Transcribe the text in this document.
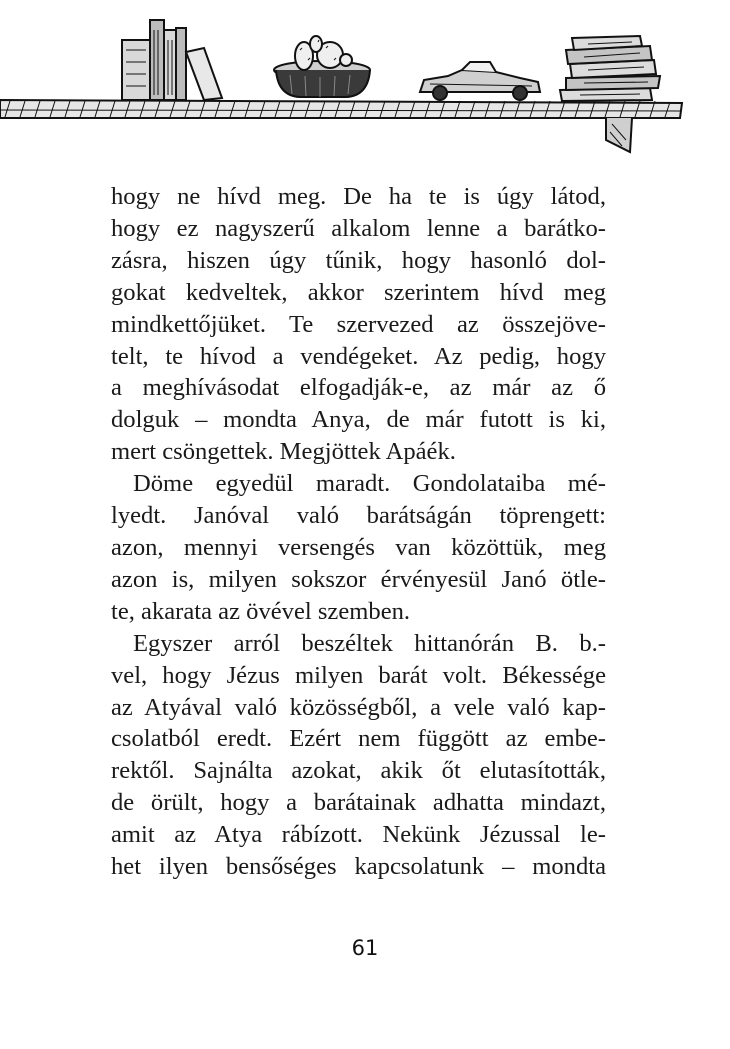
hogy ne hívd meg. De ha te is úgy látod,
hogy ez nagyszerű alkalom lenne a barátko-
zásra, hiszen úgy tűnik, hogy hasonló dol-
gokat kedveltek, akkor szerintem hívd meg
mindkettőjüket. Te szervezed az összejöve-
telt, te hívod a vendégeket. Az pedig, hogy
a meghívásodat elfogadják-e, az már az ő
dolguk – mondta Anya, de már futott is ki,
mert csöngettek. Megjöttek Apáék.
Döme egyedül maradt. Gondolataiba mé-
lyedt. Janóval való barátságán töprengett:
azon, mennyi versengés van közöttük, meg
azon is, milyen sokszor érvényesül Janó ötle-
te, akarata az övével szemben.
Egyszer arról beszéltek hittanórán B. b.-
vel, hogy Jézus milyen barát volt. Békessége
az Atyával való közösségből, a vele való kap-
csolatból eredt. Ezért nem függött az embe-
rektől. Sajnálta azokat, akik őt elutasították,
de örült, hogy a barátainak adhatta mindazt,
amit az Atya rábízott. Nekünk Jézussal le-
het ilyen bensőséges kapcsolatunk – mondta
61
